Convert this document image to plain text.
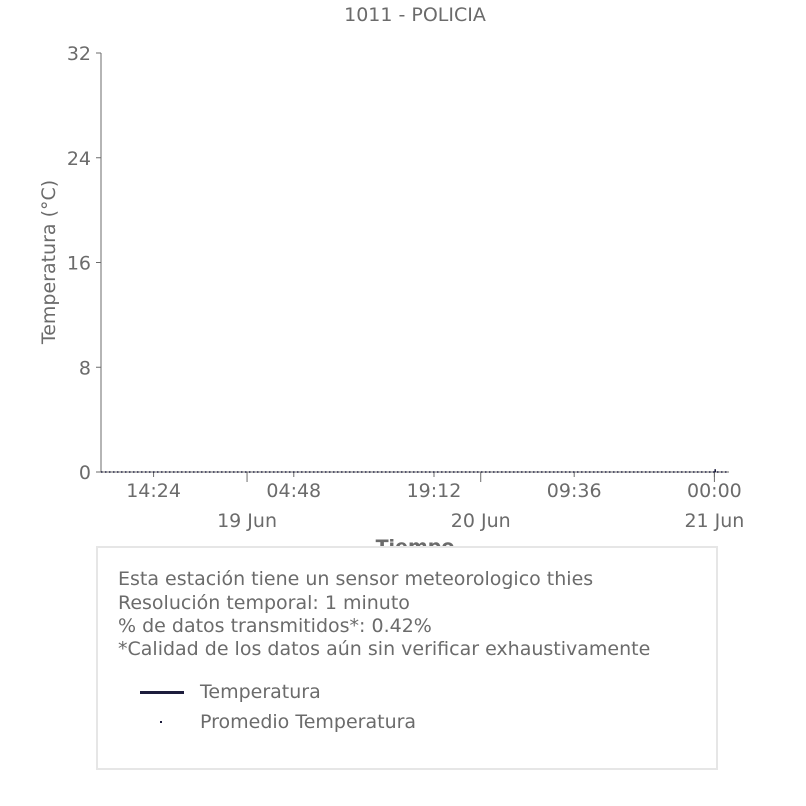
1011 - POLICIA
Temperatura (°C)
0
8
16
24
32
14:24	04:48	19:12	09:36	00:00
19 Jun	20 Jun	21 Jun
Esta estación tiene un sensor meteorologico thies
Resolución temporal: 1 minuto
% de datos transmitidos*: 0.42%
*Calidad de los datos aún sin verificar exhaustivamente
Temperatura
Promedio Temperatura
